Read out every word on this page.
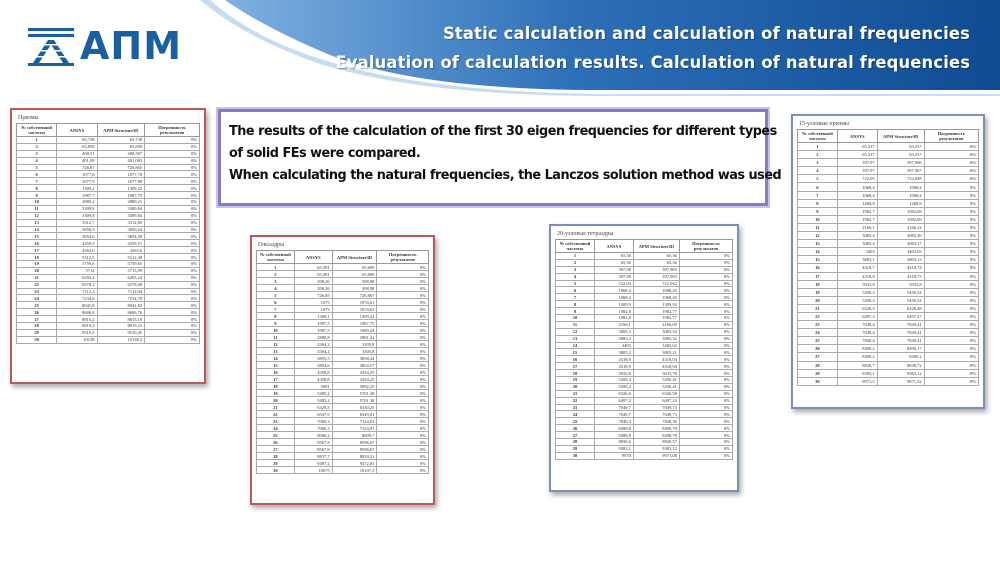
АПМ	Static calculation and calculation of natural frequencies
Evaluation of calculation results. Calculation of natural frequencies
Призмы
№ собственной частоты	ANSYS	APM Structure3D	Погрешность результатов
1	65,738	65,738	0%
2	65,839	65,839	0%
3	400,51	400,507	0%
4	401,08	401,083	0%
5	726,87	726,865	0%
6	1077,8	1077,78	0%
7	1077,9	1077,88	0%
8	1309,2	1309,22	0%
9	1987,7	1987,75	0%
10	2880,2	2880,21	0%
11	3309,8	3309,84	0%
12	3309,8	3309,84	0%
13	3312,7	3312,69	0%
14	3850,3	3850,24	0%
15	3854,6	3854,58	0%
16	4359,5	4359,51	0%
17	4363,6	4363,6	0%
18	5312,5	5312,49	0%
19	5759,6	5759,65	0%
20	5714	5713,99	0%
21	6203,2	6203,24	0%
22	6578,1	6578,08	0%
23	7112,3	7112,04	0%
24	7234,8	7234,78	0%
25	8041,8	8041,82	0%
26	8606,8	8606,76	0%
27	8815,2	8815,18	0%
28	8819,2	8819,21	0%
29	9510,5	9510,45	0%
30	10138	10138,2	0%
Гексаэдры
№ собственной частоты	ANSYS	APM Structure3D	Погрешность результатов
1	65,581	65,609	0%
2	65,581	65,609	0%
3	398,26	398,98	0%
4	398,26	398,98	0%
5	726,85	726,867	0%
6	1075	1074,61	0%
7	1075	1074,61	0%
8	1309,1	1309,22	0%
9	1987,5	1987,75	0%
10	1987,5	1989,24	0%
11	2880,8	2881,22	0%
12	3304,2	3305,8	0%
13	3304,2	3305,8	0%
14	3855,5	3858,24	0%
15	3854,6	3854,57	0%
16	4358,8	4354,25	0%
17	4358,8	4354,25	0%
18	5091	5092,25	0%
19	5485,2	5701,38	0%
20	5485,2	5701,38	0%
21	6329,5	6330,25	0%
22	6547,9	6549,01	0%
23	7069,3	7124,01	0%
24	7069,3	7124,01	0%
25	8006,2	8009,7	0%
26	8567,8	8596,67	0%
27	8567,8	8596,67	0%
28	8837,7	8839,21	0%
29	9487,2	9472,05	0%
30	10075	10107,3	0%
20-узловые тетраэдры
№ собственной частоты	ANSYS	APM Structure3D	Погрешность результатов
1	65,36	65,36	0%
2	65,36	65,36	0%
3	397,98	397,983	0%
4	397,98	397,983	0%
5	722,04	722,042	0%
6	1068,4	1068,45	0%
7	1068,4	1068,45	0%
8	1309,9	1309,92	0%
9	1982,8	1982,77	0%
10	1982,8	1982,77	0%
11	2166,1	2166,09	0%
12	3083,3	3083,32	0%
13	3083,3	3083,32	0%
14	3403	3403,02	0%
15	3805,2	3805,21	0%
16	4318,9	4318,94	0%
17	4318,9	4318,94	0%
18	5033,8	5033,78	0%
19	5450,4	5450,41	0%
20	5450,4	5450,41	0%
21	6326,6	6326,58	0%
22	6497,2	6497,24	0%
23	7049,7	7049,73	0%
24	7049,7	7049,73	0%
25	7840,4	7840,39	0%
26	8490,8	8490,78	0%
27	8490,8	8490,78	0%
28	8830,6	8830,57	0%
29	9383,1	9383,12	0%
30	9970	9971,08	0%
15-узловые призмы
№ собственной частоты	ANSYS	APM Structure3D	Погрешность результатов
1	65,337	65,337	0%
2	65,337	65,337	0%
3	397,97	397,966	0%
4	397,97	397,967	0%
5	722,05	722,048	0%
6	1068,4	1068,4	0%
7	1068,4	1068,4	0%
8	1268,8	1268,8	0%
9	1982,7	1982,68	0%
10	1982,7	1982,69	0%
11	2166,1	2166,12	0%
12	3083,4	3083,36	0%
13	3083,4	3083,37	0%
14	3403	3403,05	0%
15	3803,1	3803,13	0%
16	4318,7	4318,74	0%
17	4318,8	4318,75	0%
18	5033,8	5033,8	0%
19	5450,3	5450,34	0%
20	5450,3	5450,34	0%
21	6326,5	6326,48	0%
22	6497,3	6497,27	0%
23	7049,4	7049,41	0%
24	7049,4	7049,41	0%
25	7840,4	7840,41	0%
26	8490,2	8490,17	0%
27	8490,2	8490,2	0%
28	8830,7	8830,72	0%
29	9383,1	9383,12	0%
30	9971,5	9971,52	0%

The results of the calculation of the first 30 eigen frequencies for different types

of solid FEs were compared.

When calculating the natural frequencies, the Lanczos solution method was used
